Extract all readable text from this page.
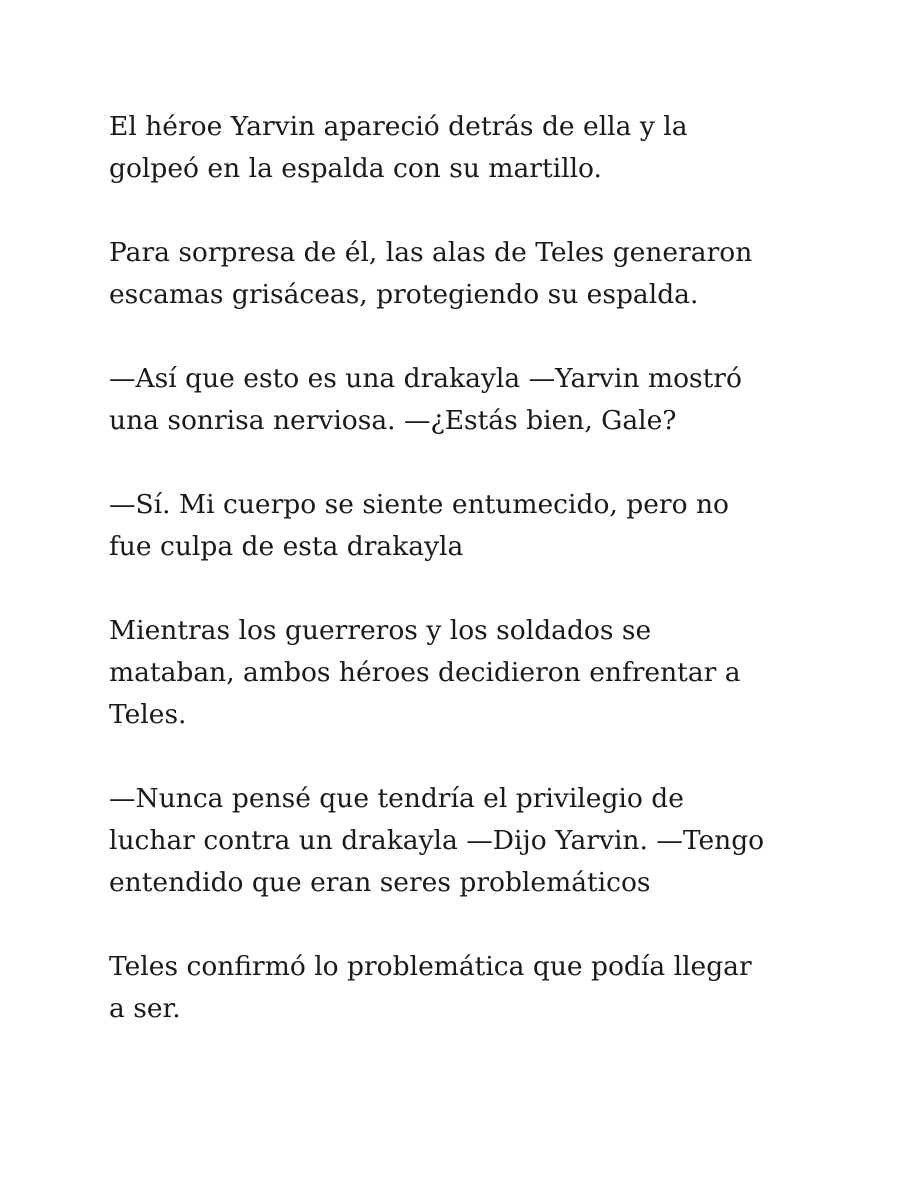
El héroe Yarvin apareció detrás de ella y la
golpeó en la espalda con su martillo.

Para sorpresa de él, las alas de Teles generaron
escamas grisáceas, protegiendo su espalda.

—Así que esto es una drakayla —Yarvin mostró
una sonrisa nerviosa. —¿Estás bien, Gale?

—Sí. Mi cuerpo se siente entumecido, pero no
fue culpa de esta drakayla

Mientras los guerreros y los soldados se
mataban, ambos héroes decidieron enfrentar a
Teles.

—Nunca pensé que tendría el privilegio de
luchar contra un drakayla —Dijo Yarvin. —Tengo
entendido que eran seres problemáticos

Teles confirmó lo problemática que podía llegar
a ser.
